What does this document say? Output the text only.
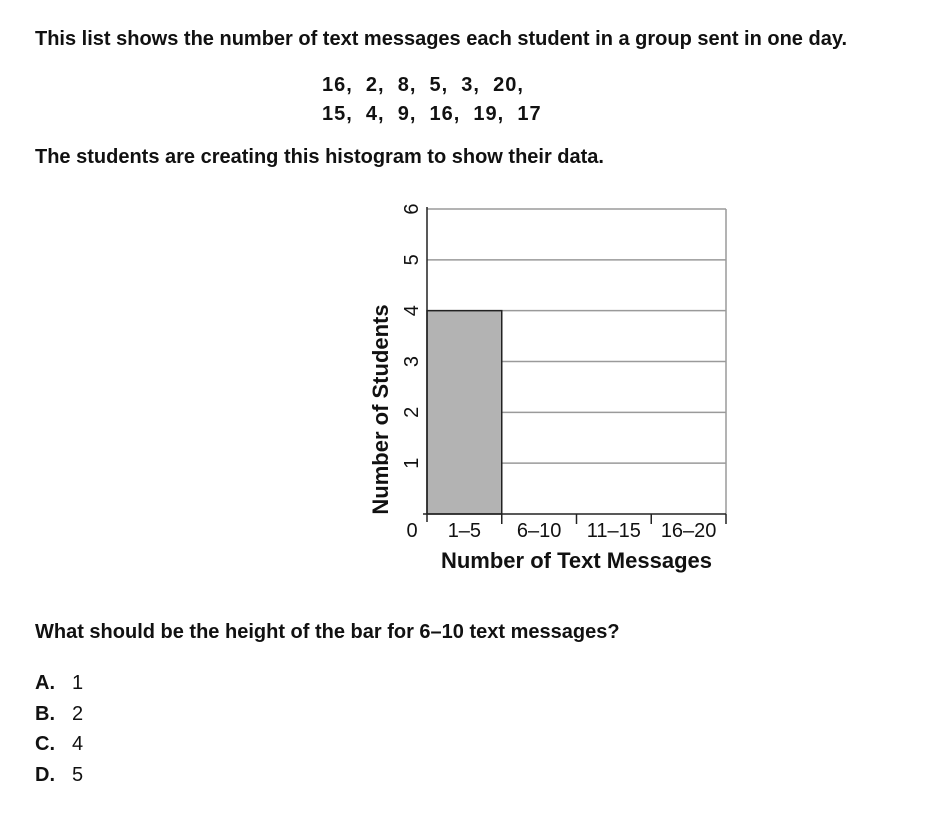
This list shows the number of text messages each student in a group sent in one day.

16,  2,  8,  5,  3,  20,
15,  4,  9,  16,  19,  17

The students are creating this histogram to show their data.

1
2
3
4
5
6
0 1–5 6–10 11–15 16–20
Number of Text Messages
Number of Students

What should be the height of the bar for 6–10 text messages?

A. 1
B. 2
C. 4
D. 5
